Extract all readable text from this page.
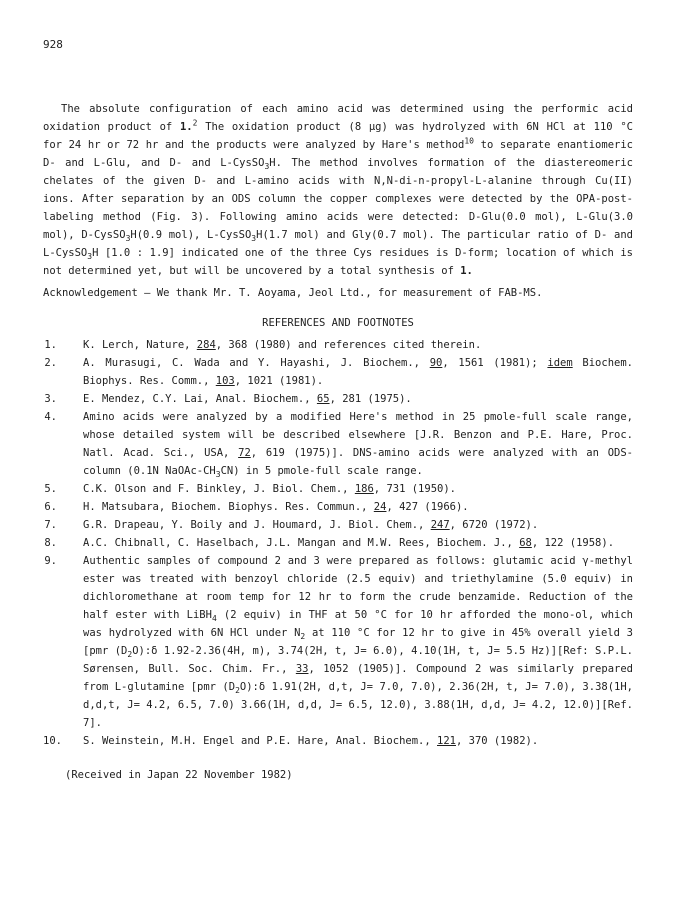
928

The absolute configuration of each amino acid was determined using the performic acid oxidation product of 1.$^2$ The oxidation product (8 µg) was hydrolyzed with 6N HCl at 110 °C for 24 hr or 72 hr and the products were analyzed by Hare's method$^{10}$ to separate enantiomeric D- and L-Glu, and D- and L-CysSO$_3$H. The method involves formation of the diastereomeric chelates of the given D- and L-amino acids with N,N-di-n-propyl-L-alanine through Cu(II) ions. After separation by an ODS column the copper complexes were detected by the OPA-post-labeling method (Fig. 3). Following amino acids were detected: D-Glu(0.0 mol), L-Glu(3.0 mol), D-CysSO$_3$H(0.9 mol), L-CysSO$_3$H(1.7 mol) and Gly(0.7 mol). The particular ratio of D- and L-CysSO$_3$H [1.0 : 1.9] indicated one of the three Cys residues is D-form; location of which is not determined yet, but will be uncovered by a total synthesis of 1.

Acknowledgement — We thank Mr. T. Aoyama, Jeol Ltd., for measurement of FAB-MS.

REFERENCES AND FOOTNOTES

1. K. Lerch, Nature, 284, 368 (1980) and references cited therein.
2. A. Murasugi, C. Wada and Y. Hayashi, J. Biochem., 90, 1561 (1981); idem Biochem. Biophys. Res. Comm., 103, 1021 (1981).
3. E. Mendez, C.Y. Lai, Anal. Biochem., 65, 281 (1975).
4. Amino acids were analyzed by a modified Here's method in 25 pmole-full scale range, whose detailed system will be described elsewhere [J.R. Benzon and P.E. Hare, Proc. Natl. Acad. Sci., USA, 72, 619 (1975)]. DNS-amino acids were analyzed with an ODS-column (0.1N NaOAc-$CH_3CN$) in 5 pmole-full scale range.
5. C.K. Olson and F. Binkley, J. Biol. Chem., 186, 731 (1950).
6. H. Matsubara, Biochem. Biophys. Res. Commun., 24, 427 (1966).
7. G.R. Drapeau, Y. Boily and J. Houmard, J. Biol. Chem., 247, 6720 (1972).
8. A.C. Chibnall, C. Haselbach, J.L. Mangan and M.W. Rees, Biochem. J., 68, 122 (1958).
9. Authentic samples of compound 2 and 3 were prepared as follows: glutamic acid γ-methyl ester was treated with benzoyl chloride (2.5 equiv) and triethylamine (5.0 equiv) in dichloromethane at room temp for 12 hr to form the crude benzamide. Reduction of the half ester with LiBH$_4$ (2 equiv) in THF at 50 °C for 10 hr afforded the mono-ol, which was hydrolyzed with 6N HCl under $N_2$ at 110 °C for 12 hr to give in 45% overall yield 3 [pmr $(D_2O):\delta$ 1.92-2.36(4H, m), 3.74(2H, t, J= 6.0), 4.10(1H, t, J= 5.5 Hz)][Ref: S.P.L. Sørensen, Bull. Soc. Chim. Fr., 33, 1052 (1905)]. Compound 2 was similarly prepared from L-glutamine [pmr $(D_2O):\delta$ 1.91(2H, d,t, J= 7.0, 7.0), 2.36(2H, t, J= 7.0), 3.38(1H, d,d,t, J= 4.2, 6.5, 7.0) 3.66(1H, d,d, J= 6.5, 12.0), 3.88(1H, d,d, J= 4.2, 12.0)][Ref. 7].
10. S. Weinstein, M.H. Engel and P.E. Hare, Anal. Biochem., 121, 370 (1982).

(Received in Japan 22 November 1982)
